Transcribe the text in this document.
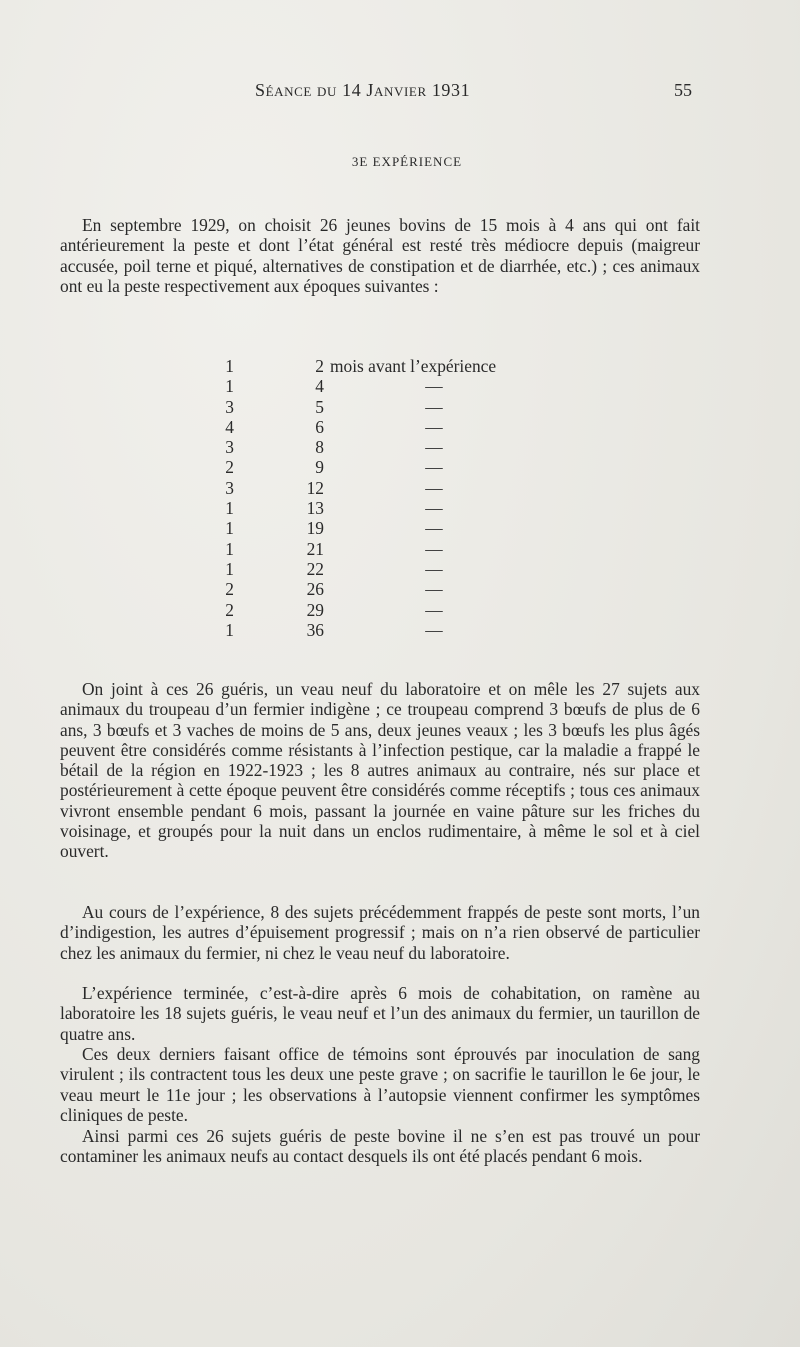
Séance du 14 Janvier 1931	55
3E EXPÉRIENCE

En septembre 1929, on choisit 26 jeunes bovins de 15 mois à 4 ans qui ont fait antérieurement la peste et dont l’état général est resté très médiocre depuis (maigreur accusée, poil terne et piqué, alternatives de constipation et de diarrhée, etc.) ; ces animaux ont eu la peste respectivement aux époques suivantes :

1	2 mois avant l’expérience
1	4	—
3	5	—
4	6	—
3	8	—
2	9	—
3	12	—
1	13	—
1	19	—
1	21	—
1	22	—
2	26	—
2	29	—
1	36	—

On joint à ces 26 guéris, un veau neuf du laboratoire et on mêle les 27 sujets aux animaux du troupeau d’un fermier indigène ; ce troupeau comprend 3 bœufs de plus de 6 ans, 3 bœufs et 3 vaches de moins de 5 ans, deux jeunes veaux ; les 3 bœufs les plus âgés peuvent être considérés comme résistants à l’infection pestique, car la maladie a frappé le bétail de la région en 1922-1923 ; les 8 autres animaux au contraire, nés sur place et postérieurement à cette époque peuvent être considérés comme réceptifs ; tous ces animaux vivront ensemble pendant 6 mois, passant la journée en vaine pâture sur les friches du voisinage, et groupés pour la nuit dans un enclos rudimentaire, à même le sol et à ciel ouvert.

Au cours de l’expérience, 8 des sujets précédemment frappés de peste sont morts, l’un d’indigestion, les autres d’épuisement progressif ; mais on n’a rien observé de particulier chez les animaux du fermier, ni chez le veau neuf du laboratoire.

L’expérience terminée, c’est-à-dire après 6 mois de cohabitation, on ramène au laboratoire les 18 sujets guéris, le veau neuf et l’un des animaux du fermier, un taurillon de quatre ans.

Ces deux derniers faisant office de témoins sont éprouvés par inoculation de sang virulent ; ils contractent tous les deux une peste grave ; on sacrifie le taurillon le 6e jour, le veau meurt le 11e jour ; les observations à l’autopsie viennent confirmer les symptômes cliniques de peste.

Ainsi parmi ces 26 sujets guéris de peste bovine il ne s’en est pas trouvé un pour contaminer les animaux neufs au contact desquels ils ont été placés pendant 6 mois.
